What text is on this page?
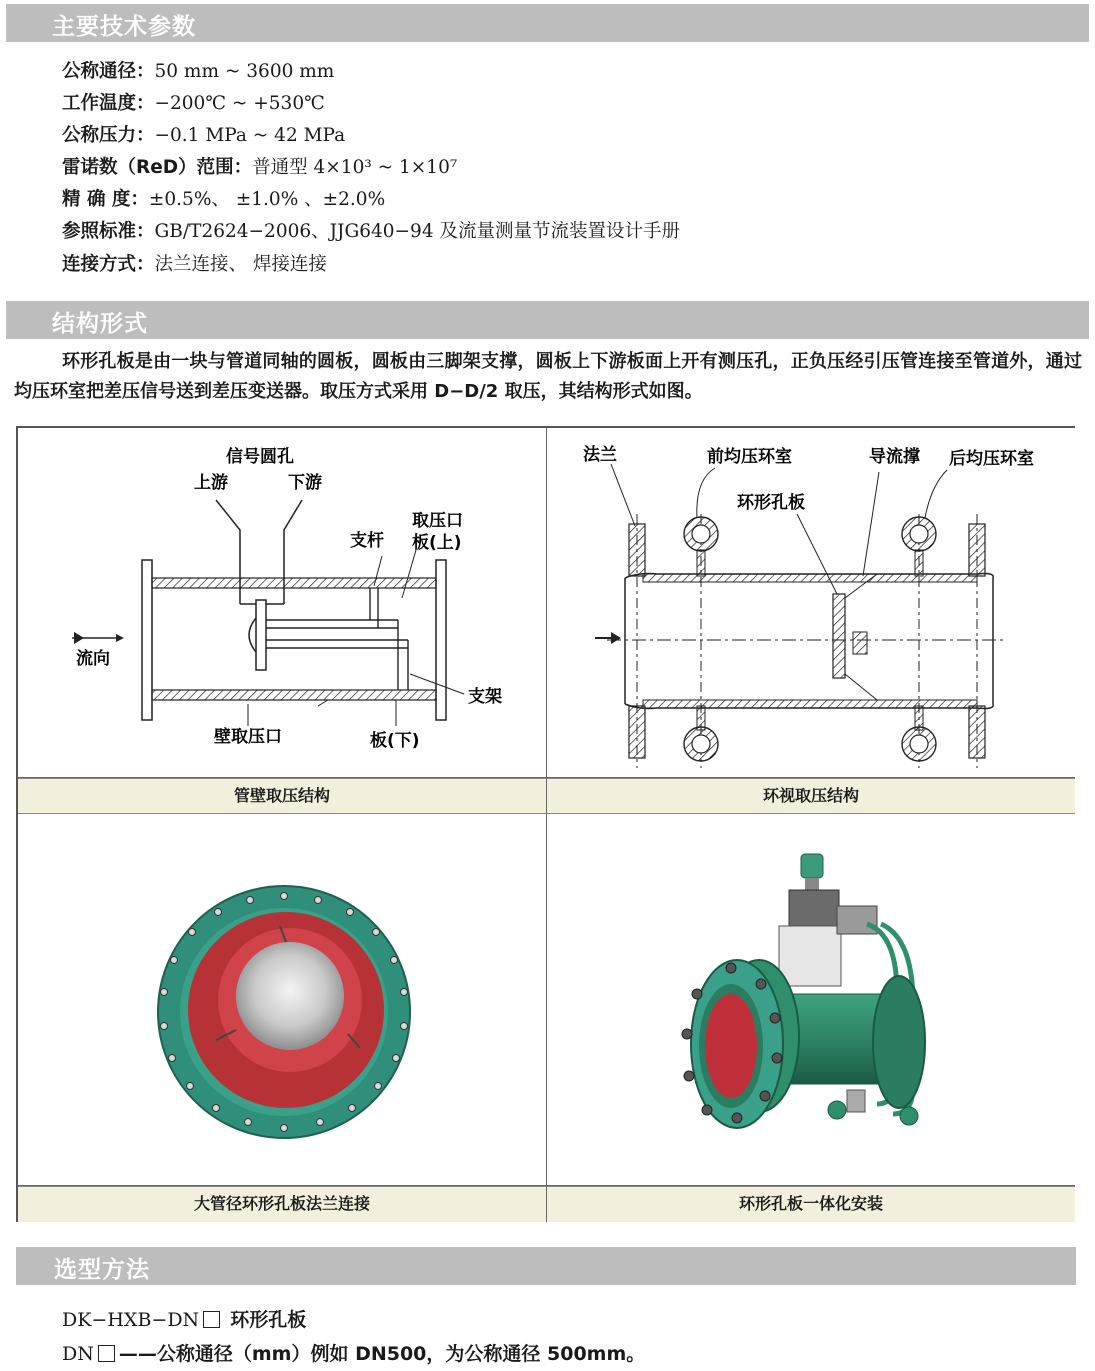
主要技术参数
公称通径：50 mm ~ 3600 mm
工作温度：−200℃ ~ +530℃
公称压力：−0.1 MPa ~ 42 MPa
雷诺数（ReD）范围：普通型 4×10³ ~ 1×10⁷
精 确 度：±0.5%、 ±1.0% 、±2.0%
参照标准：GB/T2624−2006、JJG640−94 及流量测量节流装置设计手册
连接方式：法兰连接、 焊接连接
结构形式
环形孔板是由一块与管道同轴的圆板，圆板由三脚架支撑，圆板上下游板面上开有测压孔，正负压经引压管连接至管道外，通过均压环室把差压信号送到差压变送器。取压方式采用 D−D/2 取压，其结构形式如图。
信号圆孔
上游	下游
取压口
板(上)
支杆
流向
支架
壁取压口	板(下)
法兰	前均压环室	导流撑 后均压环室
环形孔板
管壁取压结构	环视取压结构
大管径环形孔板法兰连接	环形孔板一体化安装
选型方法
DK−HXB−DN 环形孔板
DN ——公称通径（mm）例如 DN500，为公称通径 500mm。
